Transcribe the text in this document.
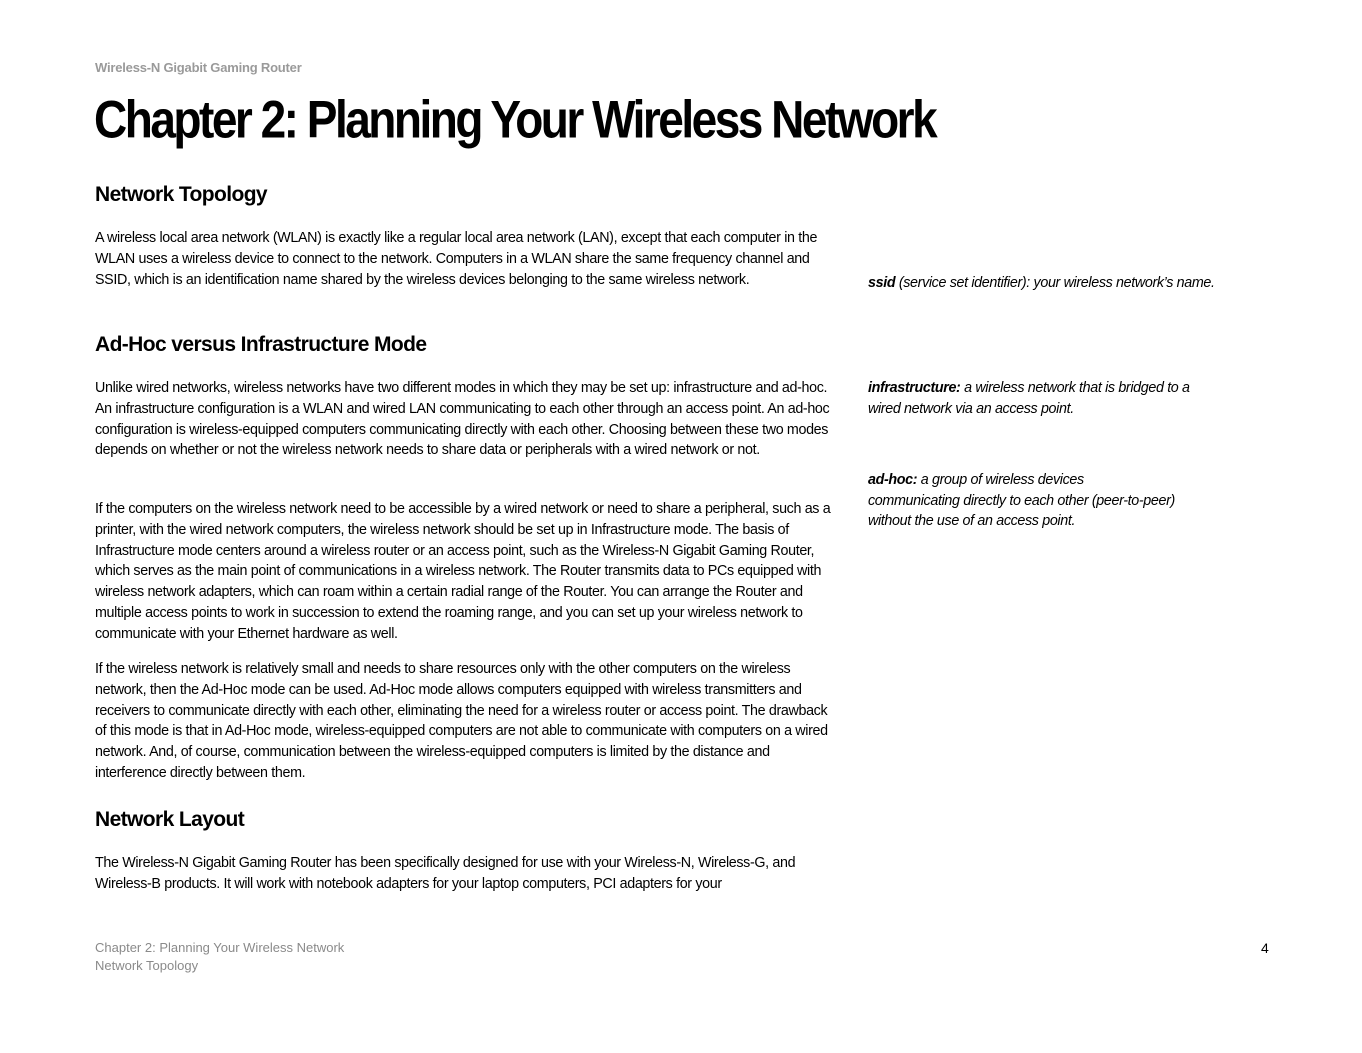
Wireless-N Gigabit Gaming Router
Chapter 2: Planning Your Wireless Network
Network Topology

A wireless local area network (WLAN) is exactly like a regular local area network (LAN), except that each computer in the WLAN uses a wireless device to connect to the network. Computers in a WLAN share the same frequency channel and SSID, which is an identification name shared by the wireless devices belonging to the same wireless network.

Ad-Hoc versus Infrastructure Mode

Unlike wired networks, wireless networks have two different modes in which they may be set up: infrastructure and ad-hoc. An infrastructure configuration is a WLAN and wired LAN communicating to each other through an access point. An ad-hoc configuration is wireless-equipped computers communicating directly with each other. Choosing between these two modes depends on whether or not the wireless network needs to share data or peripherals with a wired network or not.

If the computers on the wireless network need to be accessible by a wired network or need to share a peripheral, such as a printer, with the wired network computers, the wireless network should be set up in Infrastructure mode. The basis of Infrastructure mode centers around a wireless router or an access point, such as the Wireless-N Gigabit Gaming Router, which serves as the main point of communications in a wireless network. The Router transmits data to PCs equipped with wireless network adapters, which can roam within a certain radial range of the Router. You can arrange the Router and multiple access points to work in succession to extend the roaming range, and you can set up your wireless network to communicate with your Ethernet hardware as well.

If the wireless network is relatively small and needs to share resources only with the other computers on the wireless network, then the Ad-Hoc mode can be used. Ad-Hoc mode allows computers equipped with wireless transmitters and receivers to communicate directly with each other, eliminating the need for a wireless router or access point. The drawback of this mode is that in Ad-Hoc mode, wireless-equipped computers are not able to communicate with computers on a wired network. And, of course, communication between the wireless-equipped computers is limited by the distance and interference directly between them.

Network Layout

The Wireless-N Gigabit Gaming Router has been specifically designed for use with your Wireless-N, Wireless-G, and Wireless-B products. It will work with notebook adapters for your laptop computers, PCI adapters for your

ssid (service set identifier): your wireless network’s name.

infrastructure: a wireless network that is bridged to a wired network via an access point.

ad-hoc: a group of wireless devices communicating directly to each other (peer-to-peer) without the use of an access point.

Chapter 2: Planning Your Wireless Network
Network Topology
4
